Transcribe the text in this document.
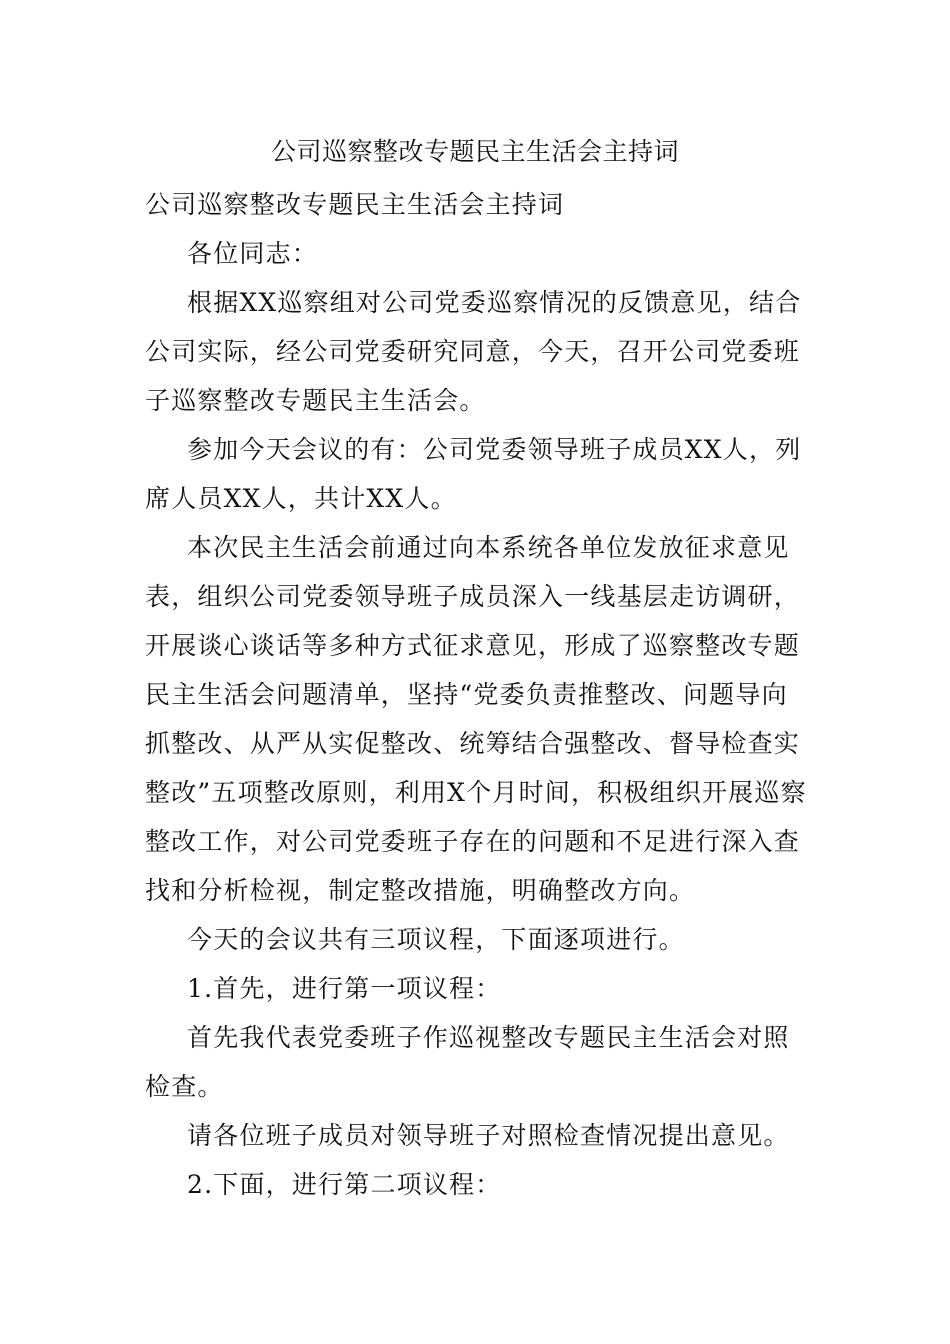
公司巡察整改专题民主生活会主持词

公司巡察整改专题民主生活会主持词

各位同志：

根据XX巡察组对公司党委巡察情况的反馈意见，结合公司实际，经公司党委研究同意，今天，召开公司党委班子巡察整改专题民主生活会。

参加今天会议的有：公司党委领导班子成员XX人，列席人员XX人，共计XX人。

本次民主生活会前通过向本系统各单位发放征求意见表，组织公司党委领导班子成员深入一线基层走访调研，开展谈心谈话等多种方式征求意见，形成了巡察整改专题民主生活会问题清单，坚持“党委负责推整改、问题导向抓整改、从严从实促整改、统筹结合强整改、督导检查实整改”五项整改原则，利用X个月时间，积极组织开展巡察整改工作，对公司党委班子存在的问题和不足进行深入查找和分析检视，制定整改措施，明确整改方向。

今天的会议共有三项议程，下面逐项进行。

1.首先，进行第一项议程：

首先我代表党委班子作巡视整改专题民主生活会对照检查。

请各位班子成员对领导班子对照检查情况提出意见。

2.下面，进行第二项议程：
